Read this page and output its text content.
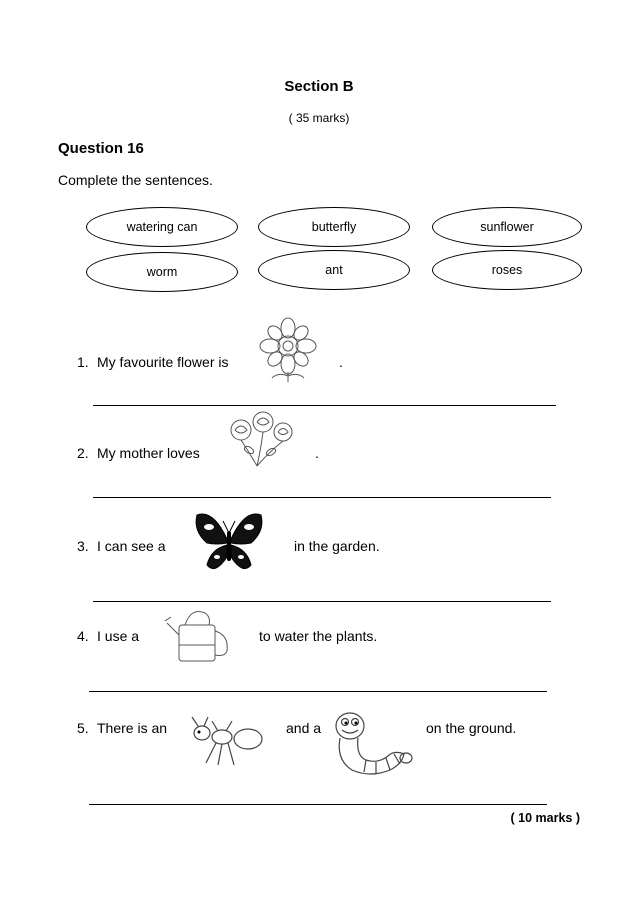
Section B
( 35 marks)
Question 16
Complete the sentences.
watering can	butterfly	sunflower
worm	ant	roses
1. My favourite flower is	.
2. My mother loves	.
3. I can see a	in the garden.
4. I use a	to water the plants.
5. There is an	and a	on the ground.
( 10 marks )
